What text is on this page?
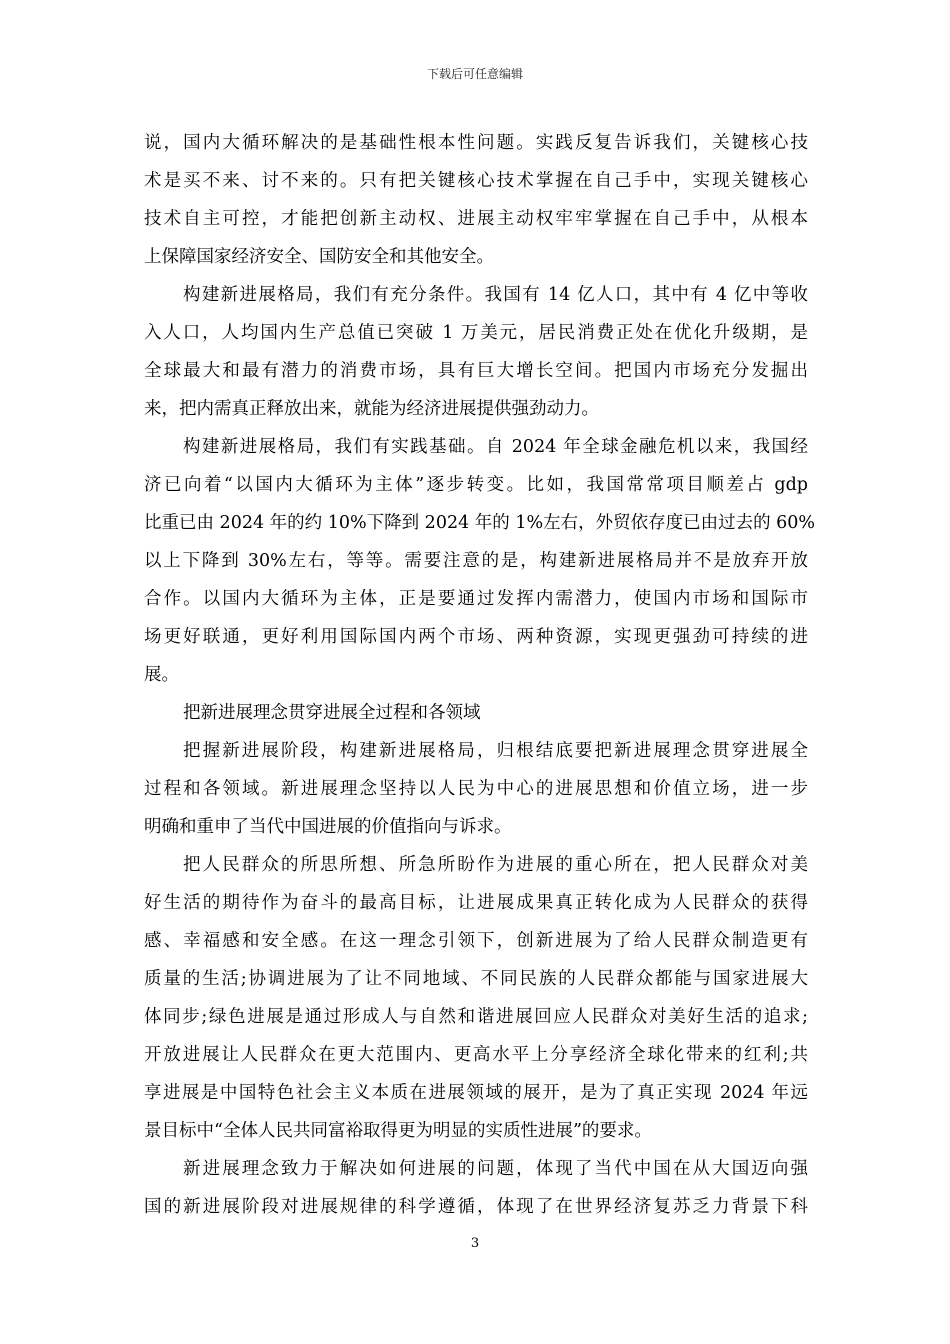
下载后可任意编辑
说，国内大循环解决的是基础性根本性问题。实践反复告诉我们，关键核心技
术是买不来、讨不来的。只有把关键核心技术掌握在自己手中，实现关键核心
技术自主可控，才能把创新主动权、进展主动权牢牢掌握在自己手中，从根本
上保障国家经济安全、国防安全和其他安全。
构建新进展格局，我们有充分条件。我国有 14 亿人口，其中有 4 亿中等收
入人口，人均国内生产总值已突破 1 万美元，居民消费正处在优化升级期，是
全球最大和最有潜力的消费市场，具有巨大增长空间。把国内市场充分发掘出
来，把内需真正释放出来，就能为经济进展提供强劲动力。
构建新进展格局，我们有实践基础。自 2024 年全球金融危机以来，我国经
济已向着“以国内大循环为主体”逐步转变。比如，我国常常项目顺差占 gdp
比重已由 2024 年的约 10%下降到 2024 年的 1%左右，外贸依存度已由过去的 60%
以上下降到 30%左右，等等。需要注意的是，构建新进展格局并不是放弃开放
合作。以国内大循环为主体，正是要通过发挥内需潜力，使国内市场和国际市
场更好联通，更好利用国际国内两个市场、两种资源，实现更强劲可持续的进
展。
把新进展理念贯穿进展全过程和各领域
把握新进展阶段，构建新进展格局，归根结底要把新进展理念贯穿进展全
过程和各领域。新进展理念坚持以人民为中心的进展思想和价值立场，进一步
明确和重申了当代中国进展的价值指向与诉求。
把人民群众的所思所想、所急所盼作为进展的重心所在，把人民群众对美
好生活的期待作为奋斗的最高目标，让进展成果真正转化成为人民群众的获得
感、幸福感和安全感。在这一理念引领下，创新进展为了给人民群众制造更有
质量的生活;协调进展为了让不同地域、不同民族的人民群众都能与国家进展大
体同步;绿色进展是通过形成人与自然和谐进展回应人民群众对美好生活的追求;
开放进展让人民群众在更大范围内、更高水平上分享经济全球化带来的红利;共
享进展是中国特色社会主义本质在进展领域的展开，是为了真正实现 2024 年远
景目标中“全体人民共同富裕取得更为明显的实质性进展”的要求。
新进展理念致力于解决如何进展的问题，体现了当代中国在从大国迈向强
国的新进展阶段对进展规律的科学遵循，体现了在世界经济复苏乏力背景下科
3
